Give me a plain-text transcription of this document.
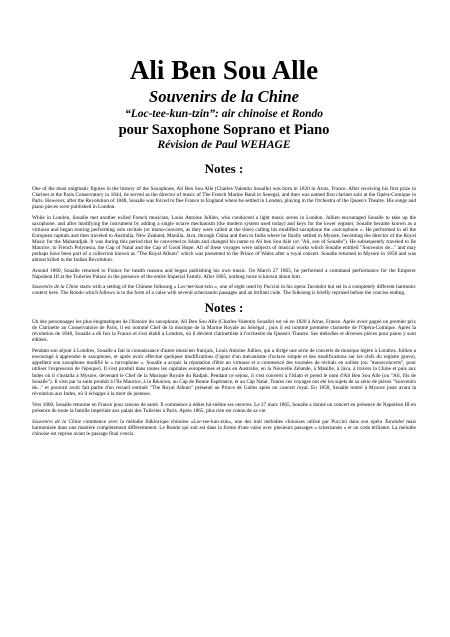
Ali Ben Sou Alle
Souvenirs de la Chine
“Loc-tee-kun-tzin”: air chinoise et Rondo
pour Saxophone Soprano et Piano
Révision de Paul WEHAGE
Notes :

One of the most enigmatic figures in the history of the Saxophone, Ali Ben Sou Alle (Charles-Valentin Soualle) was born in 1820 in Arras, France. After receiving his first prize in Clarinet at the Paris Conservatory in 1844, he served as the director of music of The French Marine Band in Senegal, and then was named first clarinet solo at the Opéra-Comique in Paris. However, after the Revolution of 1848, Soualle was forced to flee France to England where he settled in London, playing in the Orchestra of the Queen's Theatre. His songs and piano pieces were published in London.

While in London, Soualle met another exiled French musician, Louis Antoine Jullien, who conducted a light music series in London. Jullien encouraged Soualle to take up the saxophone, and after modifying the instrument by adding a single octave mechanism (the modern system used today) and keys for the lower register, Soualle became known as a virtuoso and began touring performing solo recitals (or mono-concerts, as they were called at the time) calling his modified saxophone the «turcophone ». He performed in all the European capitals and then traveled to Australia, New Zealand, Manilla, Java, through China and then to India where he finally settled in Mysore, becoming the director of the Royal Music for the Maharadjah. It was during this period that he converted to Islam and changed his name to Ali ben Sou Alle (or "Ali, son of Soualle"). He subsequently traveled to Ile Maurice, to French Polynesia, the Cap of Natal and the Cap of Good Hope. All of these voyages were subjects of musical works which Soualle entitled "Souvenirs de..." and may perhaps have been part of a collection known as "The Royal Album" which was presented to the Prince of Wales after a royal concert. Soualle returned to Mysore in 1858 and was almost killed in the Indian Revolution.

Around 1860, Soualle returned to France for health reasons and began publishing his own music. On March 27 1865, he performed a command performance for the Emperor Napoleon III at the Tuileries Palace in the presence of the entire Imperial Family. After 1865, nothing more is known about him.

Souvenirs de la Chine starts with a setting of the Chinese folksong « Loc-tee-kun-tzin », one of eight used by Puccini in his opera Turandot but set in a completely different harmonic context here. The Rondo which follows is in the form of a valse with several scherzando passages and an brillant code. The folksong is briefly reprised before the concise ending.

Notes :

Un des personnages les plus énigmatiques de l'histoire du saxophone, Ali Ben Sou Alle (Charles-Valentin Soualle) est né en 1820 à Arras, France. Après avoir gagné un premier prix de Clarinette au Conservatoire de Paris, il est nommé Chef de la musique de la Marine Royale au Sénégal , puis il est nommé première clarinette de l'Opéra-Comique. Après la révolution de 1848, Soualle a dû fuir la France et s'est établi à Londres, où il devient clarinettiste à l'orchestre du Queen's Theatre. Ses mélodies et diverses pièces pour piano y sont éditées.

Pendant son séjour à Londres, Soualle a fait la connaissance d'autre musicien français, Louis Antoine Jullien, qui a dirigé une série de concerts de musique légère à Londres. Jullien a encouragé à apprendre le saxophone, et après avoir effectué quelques modifications (l'ajout d'un mécanisme d'octave simple et des modifications sur les clefs du registre grave), appellent son saxophone modifié le « turcophone ». Soualle a acquis la réputation d'être un virtuose et a commencé des tournées de récitals en soliste (ou "monoconcerts", pour utiliser l'expression de l'époque). Il s'est produit dans toutes les capitales européennes et puis en Australie, en la Nouvelle Zélande, à Manille, à Java, à travers la Chine et puis aux Indes où il s'installa à Mysore, devenant le Chef de la Musique Royale du Radjah. Pendant ce séjour, il s'est converti à l'Islam et prend le nom d'Ali Ben Sou Alle (ou "Ali, fils de Soualle"). Il s'est par la suite produit à l'île Maurice, à la Réunion, au Cap de Bonne Espérance, et au Cap Natal. Toutes ces voyages ont été les sujets de sa série de pièces "Souvenirs de..." et pourrait avoir fait partie d'un recueil entitulé "The Royal Album" présenté au Prince de Galles après un concert royal. En 1858, Soualle rentré à Mysore juste avant la révolution aux Indes, où il échappe à la mort de justesse.

Vers 1860, Soualle retourne en France pour raisons de santé. Il commence à éditer lui-même ses oeuvres. Le 27 mars 1865, Soualle a donné un concert en présence de Napoléon III en présence de toute la famille impériale aux palais des Tuileries à Paris. Après 1865, plus rien est connu de sa vie.

Souvenirs de la Chine commence avec la mélodie folklorique chinoise «Loc-tee-kun-tzin», une des huit mélodies chinoises utilisé par Puccini dans son opéra Turandot mais harmonisée dans une manière complètement différemment. Le Rondo qui suit est dans la forme d'une valse avec plusieurs passages « scherzando » et un coda brillante. La mélodie chinoise est reprise avant le passage final concis.
